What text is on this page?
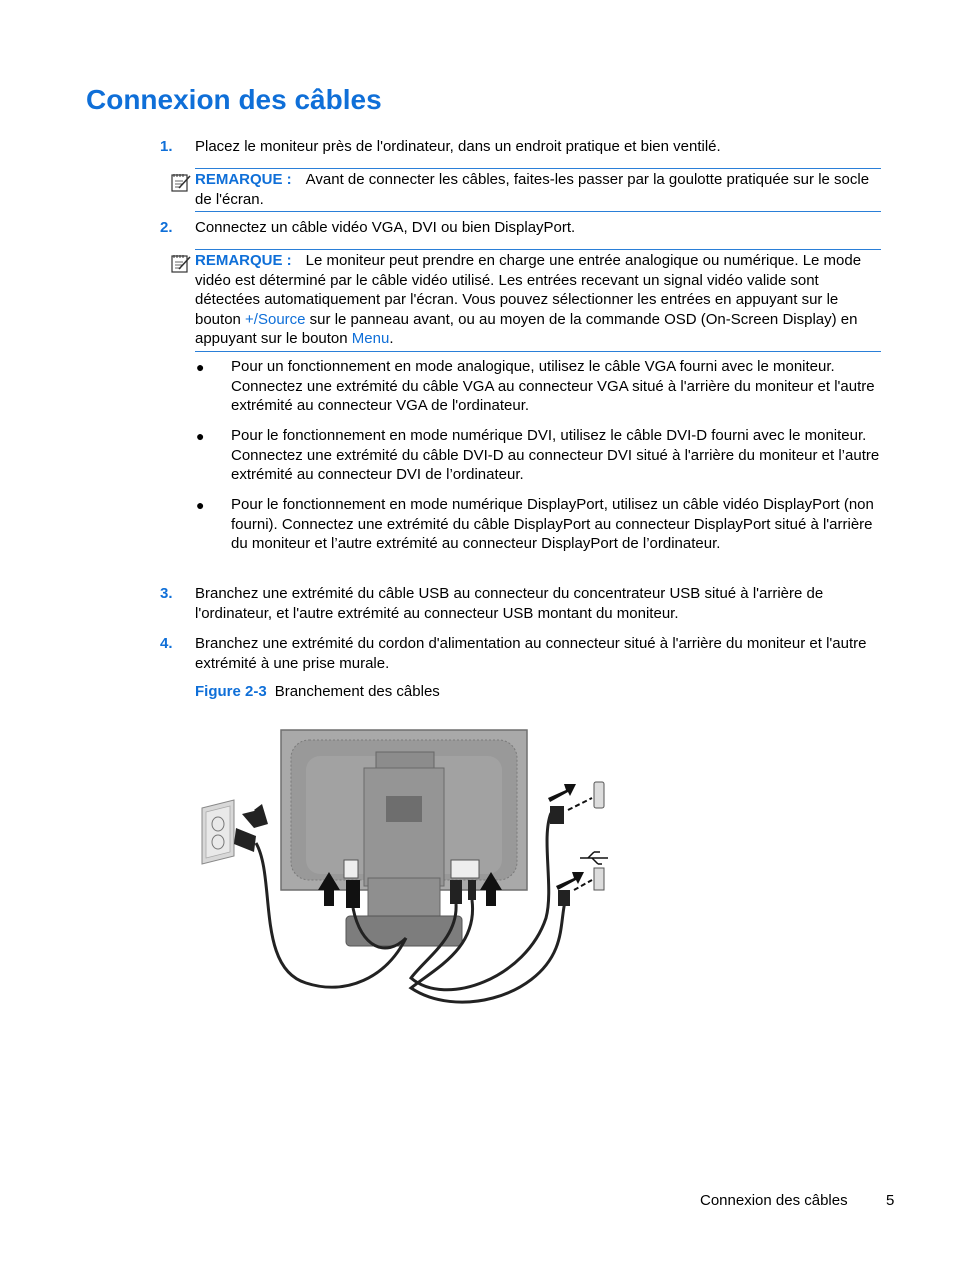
Connexion des câbles
1. Placez le moniteur près de l'ordinateur, dans un endroit pratique et bien ventilé.
REMARQUE : Avant de connecter les câbles, faites-les passer par la goulotte pratiquée sur le socle de l'écran.
2. Connectez un câble vidéo VGA, DVI ou bien DisplayPort.
REMARQUE : Le moniteur peut prendre en charge une entrée analogique ou numérique. Le mode vidéo est déterminé par le câble vidéo utilisé. Les entrées recevant un signal vidéo valide sont détectées automatiquement par l'écran. Vous pouvez sélectionner les entrées en appuyant sur le bouton +/Source sur le panneau avant, ou au moyen de la commande OSD (On-Screen Display) en appuyant sur le bouton Menu.
● Pour un fonctionnement en mode analogique, utilisez le câble VGA fourni avec le moniteur. Connectez une extrémité du câble VGA au connecteur VGA situé à l'arrière du moniteur et l'autre extrémité au connecteur VGA de l'ordinateur.
● Pour le fonctionnement en mode numérique DVI, utilisez le câble DVI-D fourni avec le moniteur. Connectez une extrémité du câble DVI-D au connecteur DVI situé à l'arrière du moniteur et l’autre extrémité au connecteur DVI de l’ordinateur.
● Pour le fonctionnement en mode numérique DisplayPort, utilisez un câble vidéo DisplayPort (non fourni). Connectez une extrémité du câble DisplayPort au connecteur DisplayPort situé à l'arrière du moniteur et l’autre extrémité au connecteur DisplayPort de l’ordinateur.
3. Branchez une extrémité du câble USB au connecteur du concentrateur USB situé à l'arrière de l'ordinateur, et l'autre extrémité au connecteur USB montant du moniteur.
4. Branchez une extrémité du cordon d'alimentation au connecteur situé à l'arrière du moniteur et l'autre extrémité à une prise murale.
Figure 2-3 Branchement des câbles
Connexion des câbles	5
